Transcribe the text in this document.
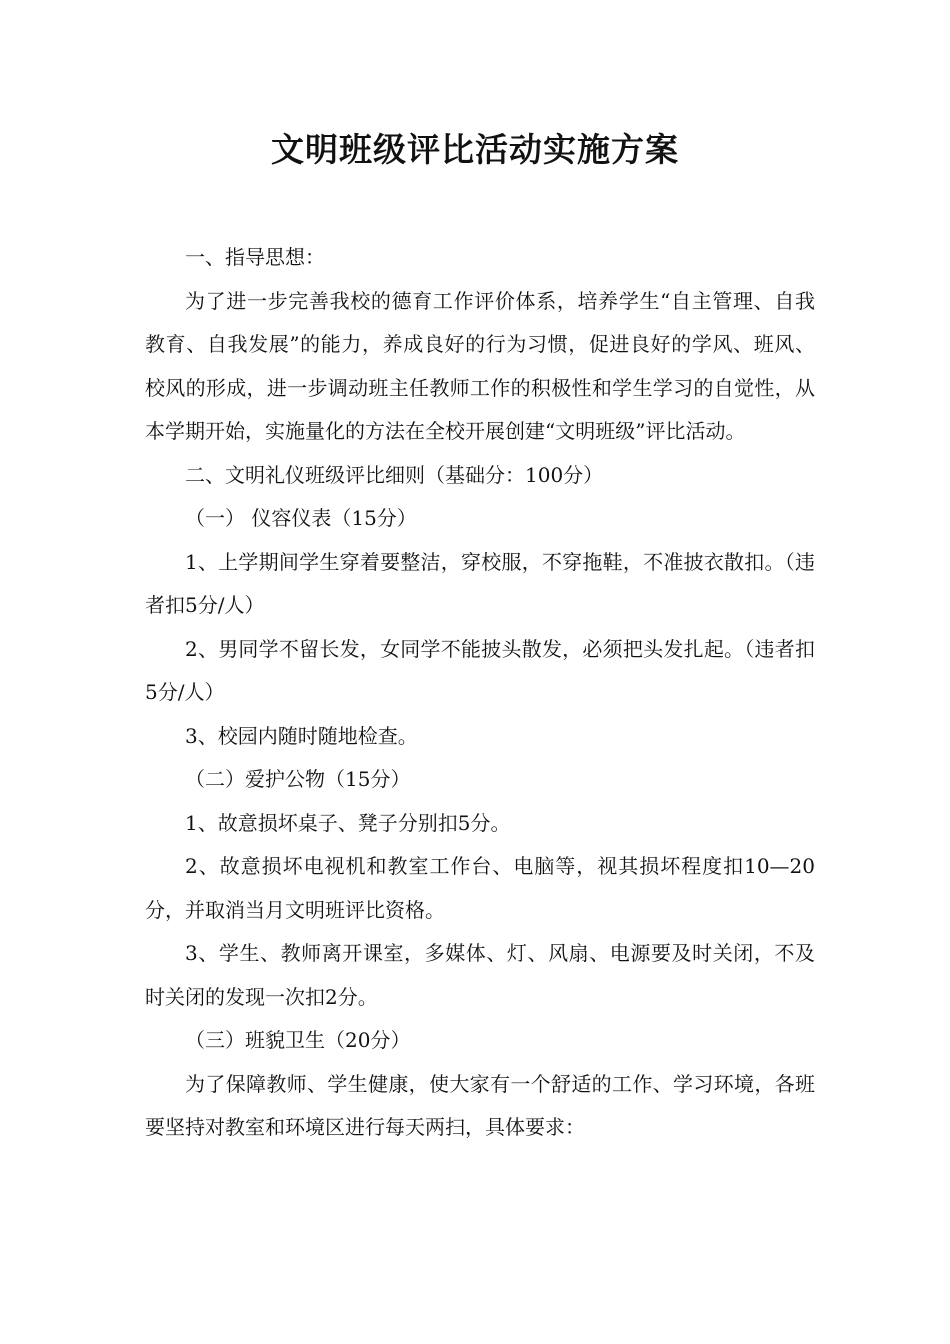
文明班级评比活动实施方案

一、指导思想：

为了进一步完善我校的德育工作评价体系，培养学生“自主管理、自我教育、自我发展”的能力，养成良好的行为习惯，促进良好的学风、班风、校风的形成，进一步调动班主任教师工作的积极性和学生学习的自觉性，从本学期开始，实施量化的方法在全校开展创建“文明班级”评比活动。

二、文明礼仪班级评比细则（基础分：100分）

（一） 仪容仪表（15分）

1、上学期间学生穿着要整洁，穿校服，不穿拖鞋，不准披衣散扣。（违者扣5分/人）

2、男同学不留长发，女同学不能披头散发，必须把头发扎起。（违者扣5分/人）

3、校园内随时随地检查。

（二）爱护公物（15分）

1、故意损坏桌子、凳子分别扣5分。

2、故意损坏电视机和教室工作台、电脑等，视其损坏程度扣10—20分，并取消当月文明班评比资格。

3、学生、教师离开课室，多媒体、灯、风扇、电源要及时关闭，不及时关闭的发现一次扣2分。

（三）班貌卫生（20分）

为了保障教师、学生健康，使大家有一个舒适的工作、学习环境，各班要坚持对教室和环境区进行每天两扫，具体要求：
